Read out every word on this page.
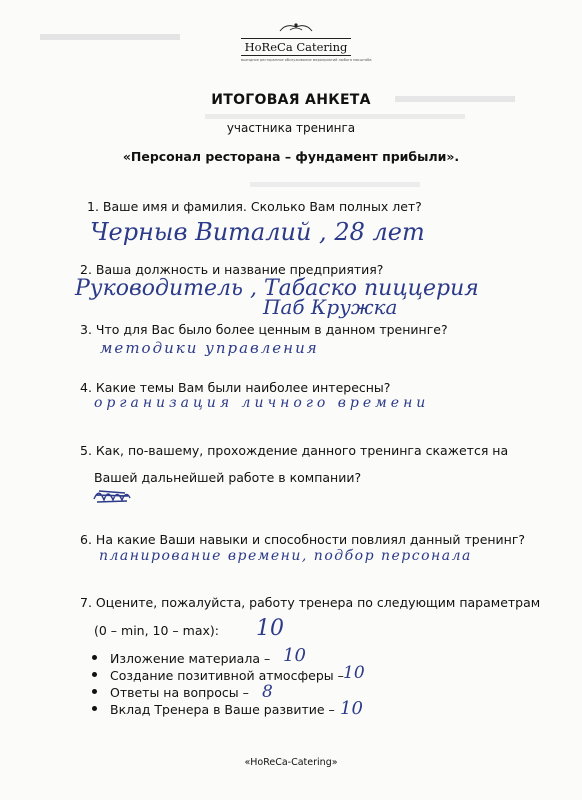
HoReCa Catering
выездное ресторанное обслуживание мероприятий любого масштаба
ИТОГОВАЯ АНКЕТА
участника тренинга
«Персонал ресторана – фундамент прибыли».
1. Ваше имя и фамилия. Сколько Вам полных лет?
Черныв Виталий , 28 лет
2. Ваша должность и название предприятия?
Руководитель , Табаско пиццерия
Паб Кружка
3. Что для Вас было более ценным в данном тренинге?
методики управления
4. Какие темы Вам были наиболее интересны?
организация личного времени
5. Как, по-вашему, прохождение данного тренинга скажется на
Вашей дальнейшей работе в компании?
6. На какие Ваши навыки и способности повлиял данный тренинг?
планирование времени, подбор персонала
7. Оцените, пожалуйста, работу тренера по следующим параметрам
(0 – min, 10 – max): 10
Изложение материала – 10
Создание позитивной атмосферы – 10
Ответы на вопросы – 8
Вклад Тренера в Ваше развитие – 10
«HoReCa-Catering»
